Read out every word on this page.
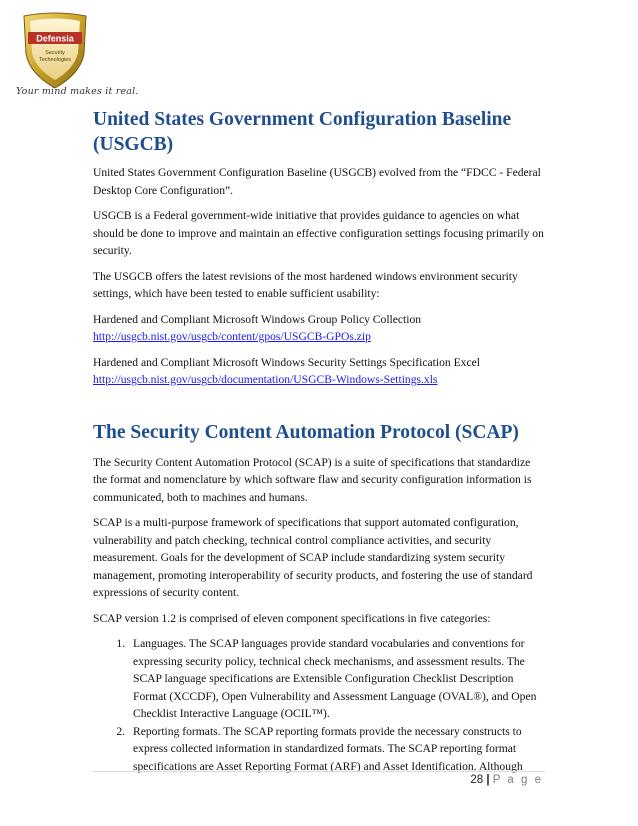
Defensia
Security
Technologies
Your mind makes it real.
United States Government Configuration Baseline
(USGCB)

United States Government Configuration Baseline (USGCB) evolved from the “FDCC - Federal Desktop Core Configuration”.

USGCB is a Federal government-wide initiative that provides guidance to agencies on what should be done to improve and maintain an effective configuration settings focusing primarily on security.

The USGCB offers the latest revisions of the most hardened windows environment security settings, which have been tested to enable sufficient usability:

Hardened and Compliant Microsoft Windows Group Policy Collection
http://usgcb.nist.gov/usgcb/content/gpos/USGCB-GPOs.zip

Hardened and Compliant Microsoft Windows Security Settings Specification Excel
http://usgcb.nist.gov/usgcb/documentation/USGCB-Windows-Settings.xls

The Security Content Automation Protocol (SCAP)

The Security Content Automation Protocol (SCAP) is a suite of specifications that standardize the format and nomenclature by which software flaw and security configuration information is communicated, both to machines and humans.

SCAP is a multi-purpose framework of specifications that support automated configuration, vulnerability and patch checking, technical control compliance activities, and security measurement. Goals for the development of SCAP include standardizing system security management, promoting interoperability of security products, and fostering the use of standard expressions of security content.

SCAP version 1.2 is comprised of eleven component specifications in five categories:

1. Languages. The SCAP languages provide standard vocabularies and conventions for expressing security policy, technical check mechanisms, and assessment results. The SCAP language specifications are Extensible Configuration Checklist Description Format (XCCDF), Open Vulnerability and Assessment Language (OVAL®), and Open Checklist Interactive Language (OCIL™).
2. Reporting formats. The SCAP reporting formats provide the necessary constructs to express collected information in standardized formats. The SCAP reporting format specifications are Asset Reporting Format (ARF) and Asset Identification. Although
28 | P a g e
